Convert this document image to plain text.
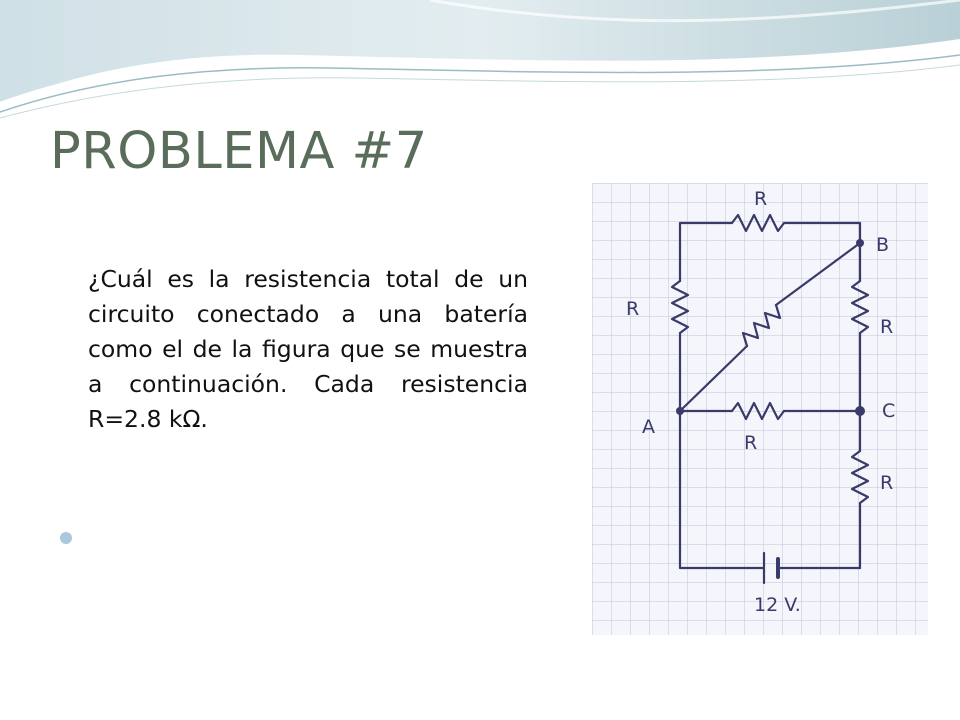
PROBLEMA #7

¿Cuál es la resistencia total de un circuito conectado a una batería como el de la figura que se muestra a continuación. Cada resistencia R=2.8 kΩ.

R
R
R
R
R
A
B
C
12 V.
